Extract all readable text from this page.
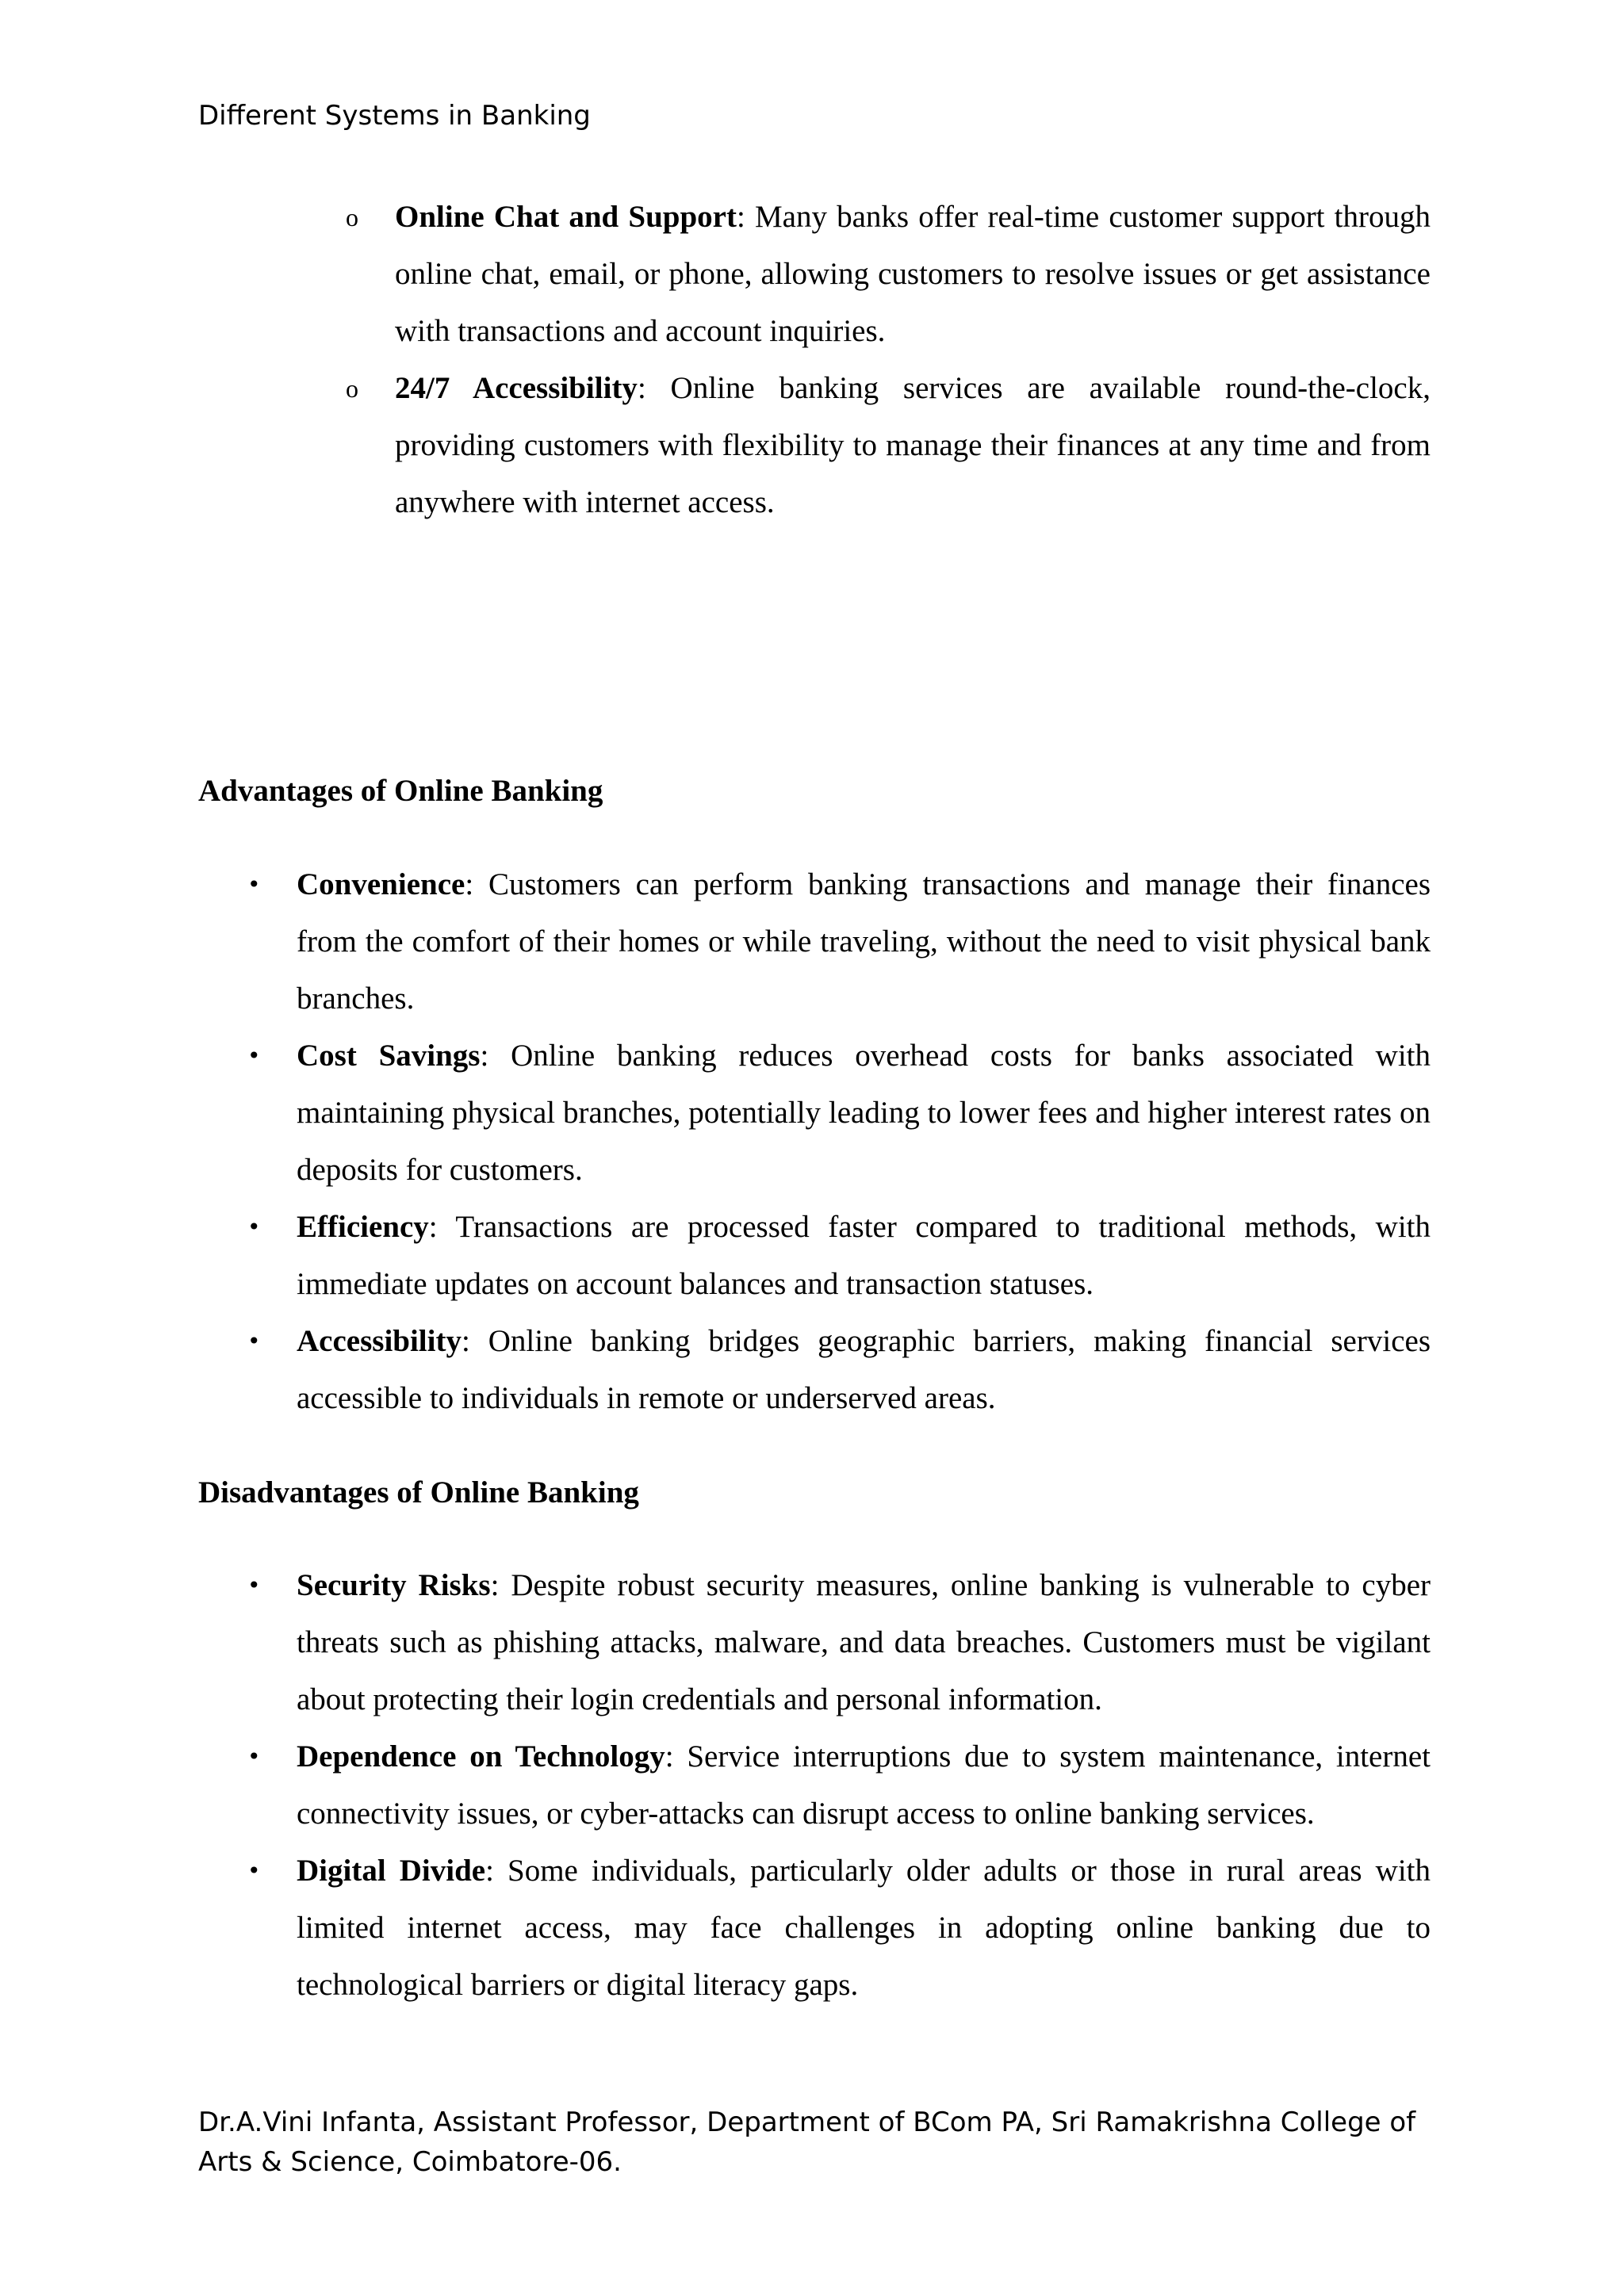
Different Systems in Banking
o Online Chat and Support: Many banks offer real-time customer support through online chat, email, or phone, allowing customers to resolve issues or get assistance with transactions and account inquiries.
o 24/7 Accessibility: Online banking services are available round-the-clock, providing customers with flexibility to manage their finances at any time and from anywhere with internet access.
Advantages of Online Banking
• Convenience: Customers can perform banking transactions and manage their finances from the comfort of their homes or while traveling, without the need to visit physical bank branches.
• Cost Savings: Online banking reduces overhead costs for banks associated with maintaining physical branches, potentially leading to lower fees and higher interest rates on deposits for customers.
• Efficiency: Transactions are processed faster compared to traditional methods, with immediate updates on account balances and transaction statuses.
• Accessibility: Online banking bridges geographic barriers, making financial services accessible to individuals in remote or underserved areas.
Disadvantages of Online Banking
• Security Risks: Despite robust security measures, online banking is vulnerable to cyber threats such as phishing attacks, malware, and data breaches. Customers must be vigilant about protecting their login credentials and personal information.
• Dependence on Technology: Service interruptions due to system maintenance, internet connectivity issues, or cyber-attacks can disrupt access to online banking services.
• Digital Divide: Some individuals, particularly older adults or those in rural areas with limited internet access, may face challenges in adopting online banking due to technological barriers or digital literacy gaps.
Dr.A.Vini Infanta, Assistant Professor, Department of BCom PA, Sri Ramakrishna College of Arts & Science, Coimbatore-06.
